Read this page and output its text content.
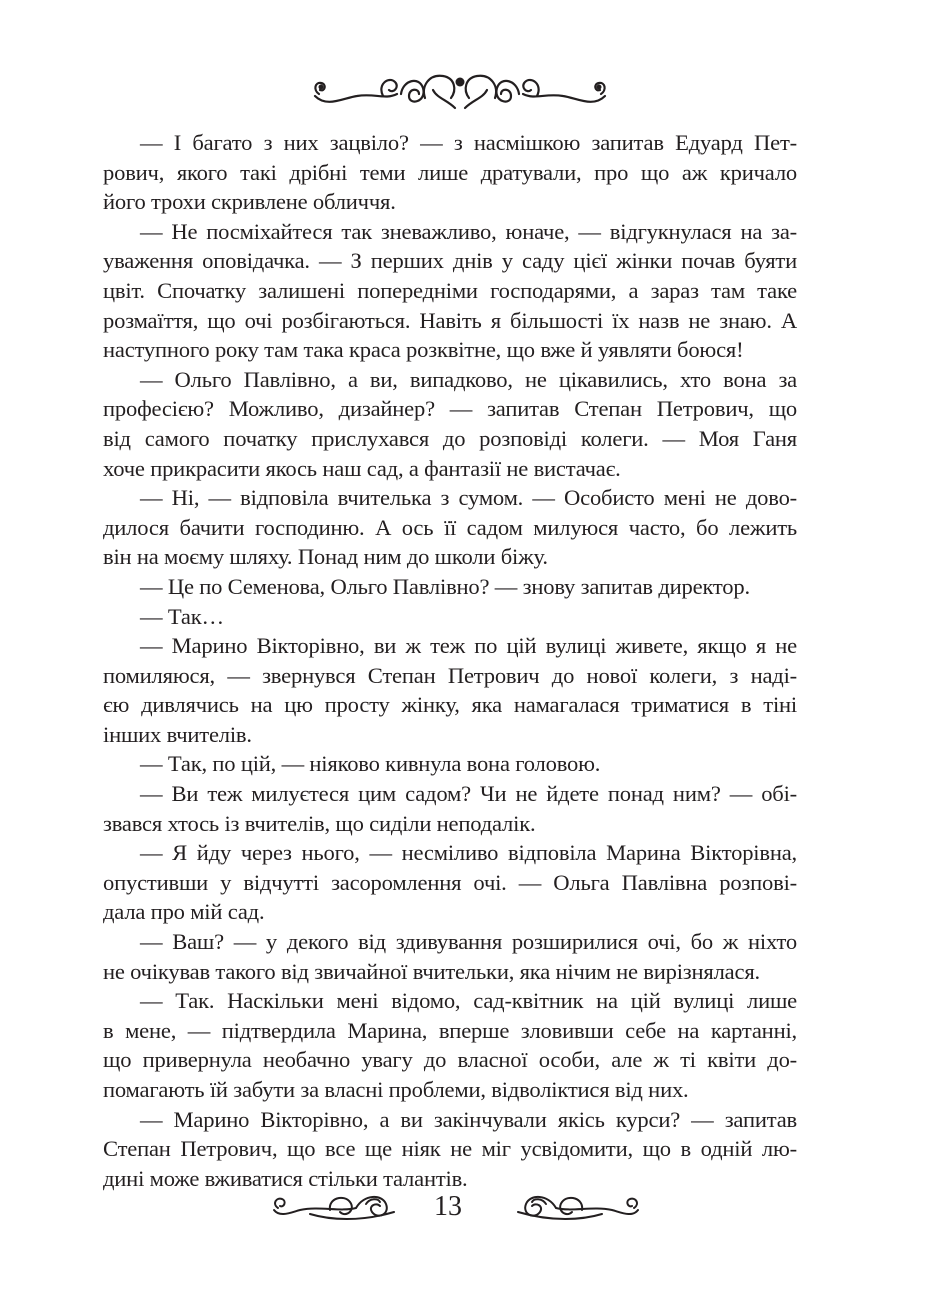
— І багато з них зацвіло? — з насмішкою запитав Едуард Пет-
рович, якого такі дрібні теми лише дратували, про що аж кричало
його трохи скривлене обличчя.
— Не посміхайтеся так зневажливо, юначе, — відгукнулася на за-
уваження оповідачка. — З перших днів у саду цієї жінки почав буяти
цвіт. Спочатку залишені попередніми господарями, а зараз там таке
розмаїття, що очі розбігаються. Навіть я більшості їх назв не знаю. А
наступного року там така краса розквітне, що вже й уявляти боюся!
— Ольго Павлівно, а ви, випадково, не цікавились, хто вона за
професією? Можливо, дизайнер? — запитав Степан Петрович, що
від самого початку прислухався до розповіді колеги. — Моя Ганя
хоче прикрасити якось наш сад, а фантазії не вистачає.
— Ні, — відповіла вчителька з сумом. — Особисто мені не дово-
дилося бачити господиню. А ось її садом милуюся часто, бо лежить
він на моєму шляху. Понад ним до школи біжу.
— Це по Семенова, Ольго Павлівно? — знову запитав директор.
— Так…
— Марино Вікторівно, ви ж теж по цій вулиці живете, якщо я не
помиляюся, — звернувся Степан Петрович до нової колеги, з надi-
єю дивлячись на цю просту жінку, яка намагалася триматися в тіні
інших вчителів.
— Так, по цій, — ніяково кивнула вона головою.
— Ви теж милуєтеся цим садом? Чи не йдете понад ним? — обі-
звався хтось із вчителів, що сиділи неподалік.
— Я йду через нього, — несміливо відповіла Марина Вікторівна,
опустивши у відчутті засоромлення очі. — Ольга Павлівна розпові-
дала про мій сад.
— Ваш? — у декого від здивування розширилися очі, бо ж ніхто
не очікував такого від звичайної вчительки, яка нічим не вирізнялася.
— Так. Наскільки мені відомо, сад-квітник на цій вулиці лише
в мене, — підтвердила Марина, вперше зловивши себе на картанні,
що привернула необачно увагу до власної особи, але ж ті квіти до-
помагають їй забути за власні проблеми, відволіктися від них.
— Марино Вікторівно, а ви закінчували якісь курси? — запитав
Степан Петрович, що все ще ніяк не міг усвідомити, що в одній лю-
дині може вживатися стільки талантів.
13
